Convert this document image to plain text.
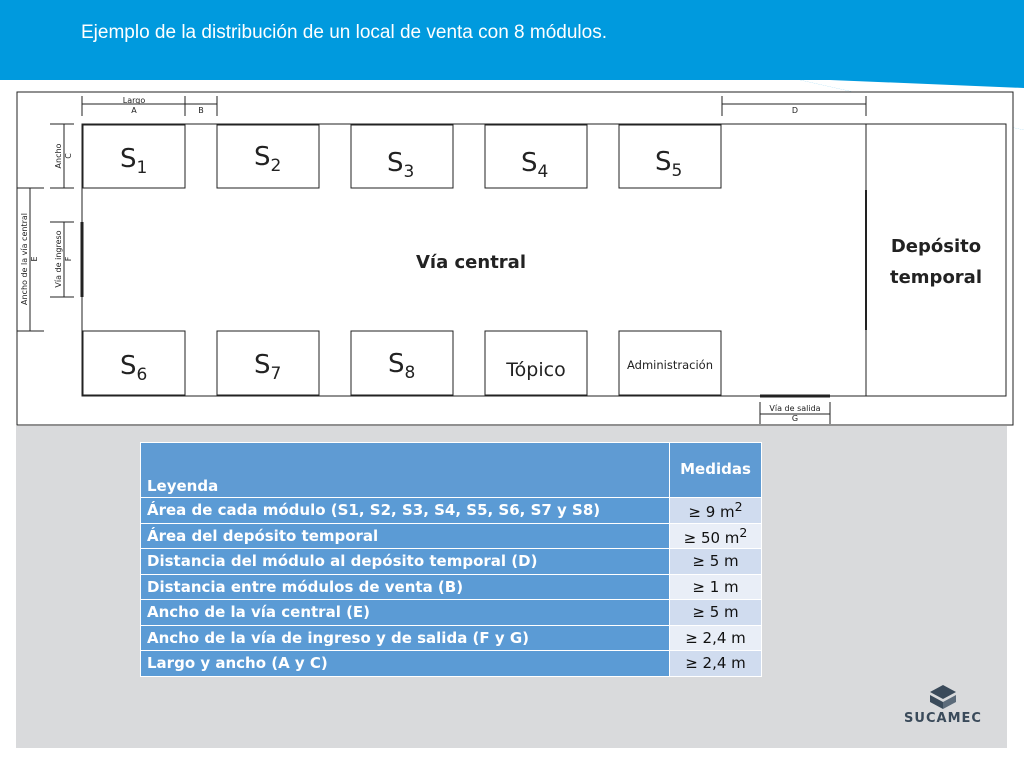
Ejemplo de la distribución de un local de venta con 8 módulos.
$S_1$	$S_2$	$S_3$	$S_4$	$S_5$
$S_6$	$S_7$	$S_8$	Tópico	Administración
Vía central
Depósito
temporal
Largo
A	B	D
Ancho C
Ancho de la vía central E Vía de ingreso F
Vía de salida
G
Leyenda	Medidas
Área de cada módulo (S1, S2, S3, S4, S5, S6, S7 y S8)	≥ 9 $m^2$
Área del depósito temporal	≥ 50 $m^2$
Distancia del módulo al depósito temporal (D)	≥ 5 m
Distancia entre módulos de venta (B)	≥ 1 m
Ancho de la vía central (E)	≥ 5 m
Ancho de la vía de ingreso y de salida (F y G)	≥ 2,4 m
Largo y ancho (A y C)	≥ 2,4 m
SUCAMEC
